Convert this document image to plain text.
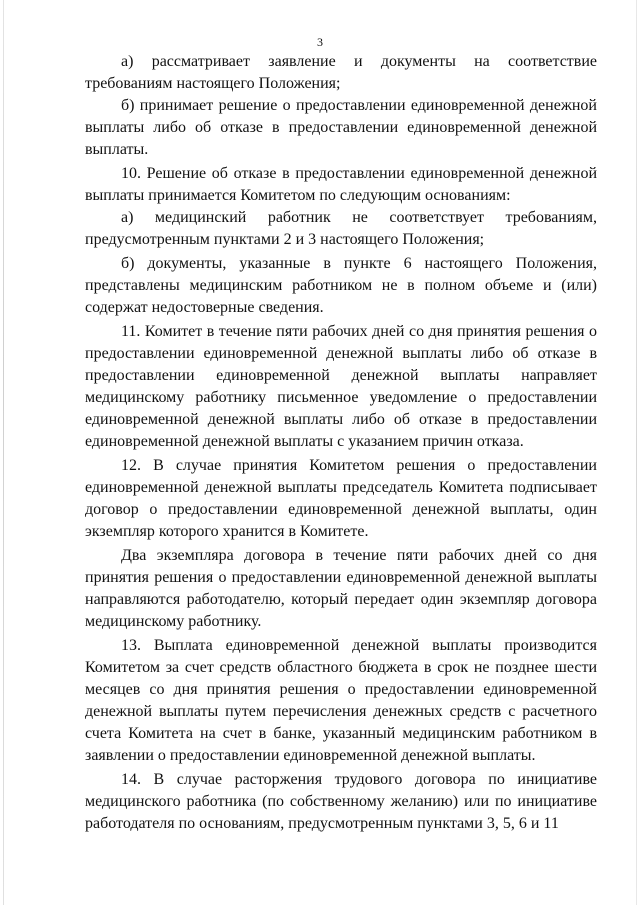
3

а) рассматривает заявление и документы на соответствие требованиям настоящего Положения;

б) принимает решение о предоставлении единовременной денежной выплаты либо об отказе в предоставлении единовременной денежной выплаты.

10. Решение об отказе в предоставлении единовременной денежной выплаты принимается Комитетом по следующим основаниям:

а) медицинский работник не соответствует требованиям, предусмотренным пунктами 2 и 3 настоящего Положения;

б) документы, указанные в пункте 6 настоящего Положения, представлены медицинским работником не в полном объеме и (или) содержат недостоверные сведения.

11. Комитет в течение пяти рабочих дней со дня принятия решения о предоставлении единовременной денежной выплаты либо об отказе в предоставлении единовременной денежной выплаты направляет медицинскому работнику письменное уведомление о предоставлении единовременной денежной выплаты либо об отказе в предоставлении единовременной денежной выплаты с указанием причин отказа.

12. В случае принятия Комитетом решения о предоставлении единовременной денежной выплаты председатель Комитета подписывает договор о предоставлении единовременной денежной выплаты, один экземпляр которого хранится в Комитете.

Два экземпляра договора в течение пяти рабочих дней со дня принятия решения о предоставлении единовременной денежной выплаты направляются работодателю, который передает один экземпляр договора медицинскому работнику.

13. Выплата единовременной денежной выплаты производится Комитетом за счет средств областного бюджета в срок не позднее шести месяцев со дня принятия решения о предоставлении единовременной денежной выплаты путем перечисления денежных средств с расчетного счета Комитета на счет в банке, указанный медицинским работником в заявлении о предоставлении единовременной денежной выплаты.

14. В случае расторжения трудового договора по инициативе медицинского работника (по собственному желанию) или по инициативе работодателя по основаниям, предусмотренным пунктами 3, 5, 6 и 11
